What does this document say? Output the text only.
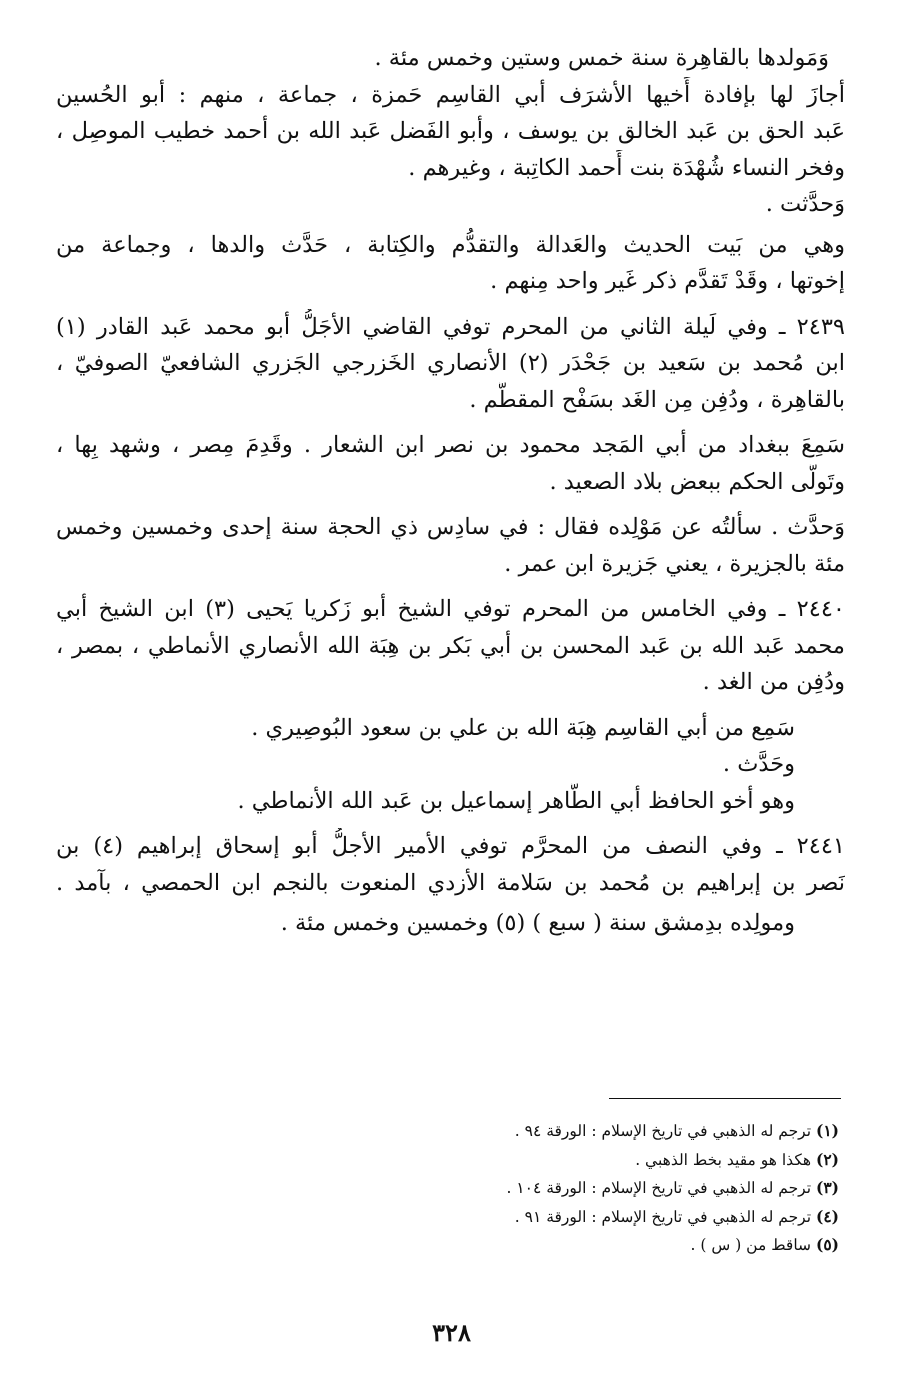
وَمَولدها بالقاهِرة سنة خمس وستين وخمس مئة .
أجازَ لها بإفادة أَخيها الأشرَف أبي القاسِم حَمزة ، جماعة ، منهم : أبو الحُسين
عَبد الحق بن عَبد الخالق بن يوسف ، وأبو الفَضل عَبد الله بن أحمد خطيب الموصِل ،
وفخر النساء شُهْدَة بنت أَحمد الكاتِبة ، وغيرهم .
وَحدَّثت .
وهي من بَيت الحديث والعَدالة والتقدُّم والكِتابة ، حَدَّث والدها ، وجماعة من
إخوتها ، وقَدْ تَقدَّم ذكر غَير واحد مِنهم .
٢٤٣٩ ـ وفي لَيلة الثاني من المحرم توفي القاضي الأجَلُّ أبو محمد عَبد القادر (١)
ابن مُحمد بن سَعيد بن جَحْدَر (٢) الأنصاري الخَزرجي الجَزري الشافعيّ الصوفيّ ،
بالقاهِرة ، ودُفِن مِن الغَد بسَفْح المقطَّم .
سَمِعَ ببغداد من أبي المَجد محمود بن نصر ابن الشعار . وقَدِمَ مِصر ، وشهد بِها ،
وتَولَّى الحكم ببعض بلاد الصعيد .
وَحدَّث . سألتُه عن مَوْلِده فقال : في سادِس ذي الحجة سنة إحدى وخمسين وخمس
مئة بالجزيرة ، يعني جَزيرة ابن عمر .
٢٤٤٠ ـ وفي الخامس من المحرم توفي الشيخ أبو زَكريا يَحيى (٣) ابن الشيخ أبي
محمد عَبد الله بن عَبد المحسن بن أبي بَكر بن هِبَة الله الأنصاري الأنماطي ، بمصر ،
ودُفِن من الغد .
سَمِع من أبي القاسِم هِبَة الله بن علي بن سعود البُوصِيري .
وحَدَّث .
وهو أخو الحافظ أبي الطَّاهر إسماعيل بن عَبد الله الأنماطي .
٢٤٤١ ـ وفي النصف من المحرَّم توفي الأمير الأجلُّ أبو إسحاق إبراهيم (٤) بن
نَصر بن إبراهيم بن مُحمد بن سَلامة الأزدي المنعوت بالنجم ابن الحمصي ، بآمد .
ومولِده بدِمشق سنة ( سبع ) (٥) وخمسين وخمس مئة .
(١) ترجم له الذهبي في تاريخ الإسلام : الورقة ٩٤ .
(٢) هكذا هو مقيد بخط الذهبي .
(٣) ترجم له الذهبي في تاريخ الإسلام : الورقة ١٠٤ .
(٤) ترجم له الذهبي في تاريخ الإسلام : الورقة ٩١ .
(٥) ساقط من ( س ) .
٣٢٨
